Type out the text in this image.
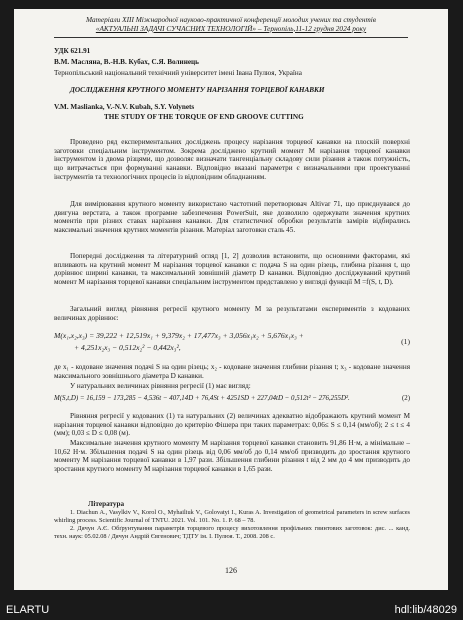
Матеріали XIII Міжнародної науково-практичної конференції молодих учених та студентів
«АКТУАЛЬНІ ЗАДАЧІ СУЧАСНИХ ТЕХНОЛОГІЙ» – Тернопіль,11-12 грудня 2024 року
УДК 621.91
В.М. Масляна, В.-Н.В. Кубах, С.Я. Волинець
Тернопільський національний технічний університет імені Івана Пулюя, Україна
ДОСЛІДЖЕННЯ КРУТНОГО МОМЕНТУ НАРІЗАННЯ ТОРЦЕВОЇ КАНАВКИ
V.M. Maslianka, V.-N.V. Kubah, S.Y. Volynets
THE STUDY OF THE TORQUE OF END GROOVE CUTTING
Проведено ряд експериментальних досліджень процесу нарізання торцевої канавки на плоскій поверхні заготовки спеціальним інструментом. Зокрема досліджено крутний момент M нарізання торцевої канавки інструментом із двома різцями, що дозволяє визначати тангенціальну складову сили різання а також потужність, що витрачається при формуванні канавки. Відповідно вказані параметри є визначальними при проектуванні інструментів та технологічних процесів із відповідним обладнанням.
Для вимірювання крутного моменту використано частотний перетворювач Altivar 71, що приєднувався до двигуна верстата, а також програмне забезпечення PowerSuit, яке дозволило одержувати значення крутних моментів при різних ставах нарізання канавки. Для статистичної обробки результатів замірів відбирались максимальні значення крутних моментів різання. Матеріал заготовки сталь 45.
Попередні дослідження та літературний огляд [1, 2] дозволив встановити, що основними факторами, які впливають на крутний момент M нарізання торцевої канавки є: подача S на один різець, глибина різання t, що дорівнює ширині канавки, та максимальний зовнішній діаметр D канавки. Відповідно досліджуваний крутний момент M нарізання торцевої канавки спеціальним інструментом представлено у вигляді функції M =f(S, t, D).
Загальний вигляд рівняння регресії крутного моменту M за результатами експериментів з кодованих величинах дорівнює:
M(x₁,x₂,x₃) = 39,222 + 12,519x₁ + 9,379x₂ + 17,477x₃ + 3,056x₁x₂ + 5,676x₁x₃ +
+ 4,251x₂x₃ − 0,512x₂² − 0,442x₃²,
(1)
де x₁ - кодоване значення подачі S на один різець; x₂ - кодоване значення глибини різання t; x₃ - кодоване значення максимального зовнішнього діаметра D канавки.
У натуральних величинах рівняння регресії (1) має вигляд:
M(S,t,D) = 16,159 − 173,285 − 4,536t − 407,14D + 76,4St + 4251SD + 227,04tD − 0,512t² − 276,255D².	(2)
Рівняння регресії у кодованих (1) та натуральних (2) величинах адекватно відображають крутний момент M нарізання торцевої канавки відповідно до критерію Фішера при таких параметрах: 0,06≤ S ≤ 0,14 (мм/об); 2 ≤ t ≤ 4 (мм); 0,03 ≤ D ≤ 0,08 (м).
Максимальне значення крутного моменту M нарізання торцевої канавки становить 91,86 Н·м, а мінімальне – 10,62 Н·м. Збільшення подачі S на один різець від 0,06 мм/об до 0,14 мм/об призводить до зростання крутного моменту M нарізання торцевої канавки в 1,97 рази. Збільшення глибини різання t від 2 мм до 4 мм призводить до зростання крутного моменту M нарізання торцевої канавки в 1,65 рази.
Література
1. Diachun A., Vasylkiv V., Korol O., Myhailiuk V., Golovatyi I., Kuras A. Investigation of geometrical parameters in screw surfaces whirling process. Scientific Journal of TNTU. 2021. Vol. 101. No. 1. P. 68 – 78.
2. Дячун А.Є. Обґрунтування параметрів торцевого процесу вихотовлення профільних гвинтових заготовок: дис. ... канд. техн. наук: 05.02.08 / Дячун Андрій Євгенович; ТДТУ ім. І. Пулюя. Т., 2008. 208 с.
126
ELARTU	hdl:lib/48029
